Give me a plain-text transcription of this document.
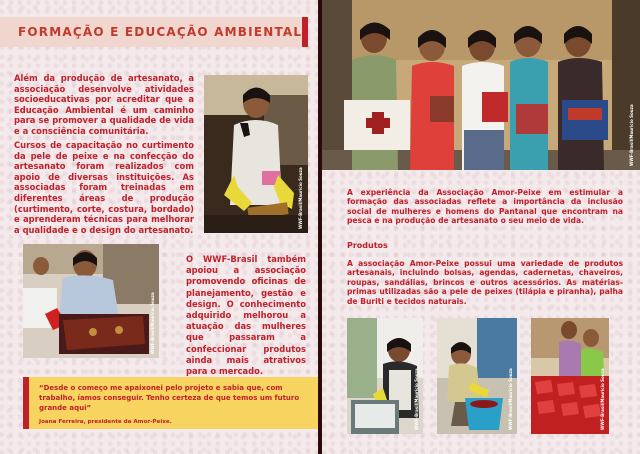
FORMAÇÃO E EDUCAÇÃO AMBIENTAL

Além da produção de artesanato, a associação desenvolve atividades socioeducativas por acreditar que a Educação Ambiental é um caminho para se promover a qualidade de vida e a consciência comunitária.

Cursos de capacitação no curtimento da pele de peixe e na confecção do artesanato foram realizados com apoio de diversas instituições. As associadas foram treinadas em diferentes áreas de produção (curtimento, corte, costura, bordado) e aprenderam técnicas para melhorar a qualidade e o design do artesanato.

WWF-Brasil/Mauricio Souza
WWF-Brasil/Mauricio Souza

O WWF-Brasil também apoiou a associação promovendo oficinas de planejamento, gestão e design. O conhecimento adquirido melhorou a atuação das mulheres que passaram a confeccionar produtos ainda mais atrativos para o mercado.

“Desde o começo me apaixonei pelo projeto e sabia que, com trabalho, íamos conseguir. Tenho certeza de que temos um futuro grande aqui”
Joana Ferreira, presidente da Amor-Peixe.
WWF-Brasil/Mauricio Souza

A experiência da Associação Amor-Peixe em estimular a formação das associadas reflete a importância da inclusão social de mulheres e homens do Pantanal que encontram na pesca e na produção de artesanato o seu meio de vida.

Produtos

A associação Amor-Peixe possui uma variedade de produtos artesanais, incluindo bolsas, agendas, cadernetas, chaveiros, roupas, sandálias, brincos e outros acessórios. As matérias-primas utilizadas são a pele de peixes (tilápia e piranha), palha de Buriti e tecidos naturais.

WWF-Brasil/Mauricio Souza	WWF-Brasil/Mauricio Souza	WWF-Brasil/Mauricio Souza
